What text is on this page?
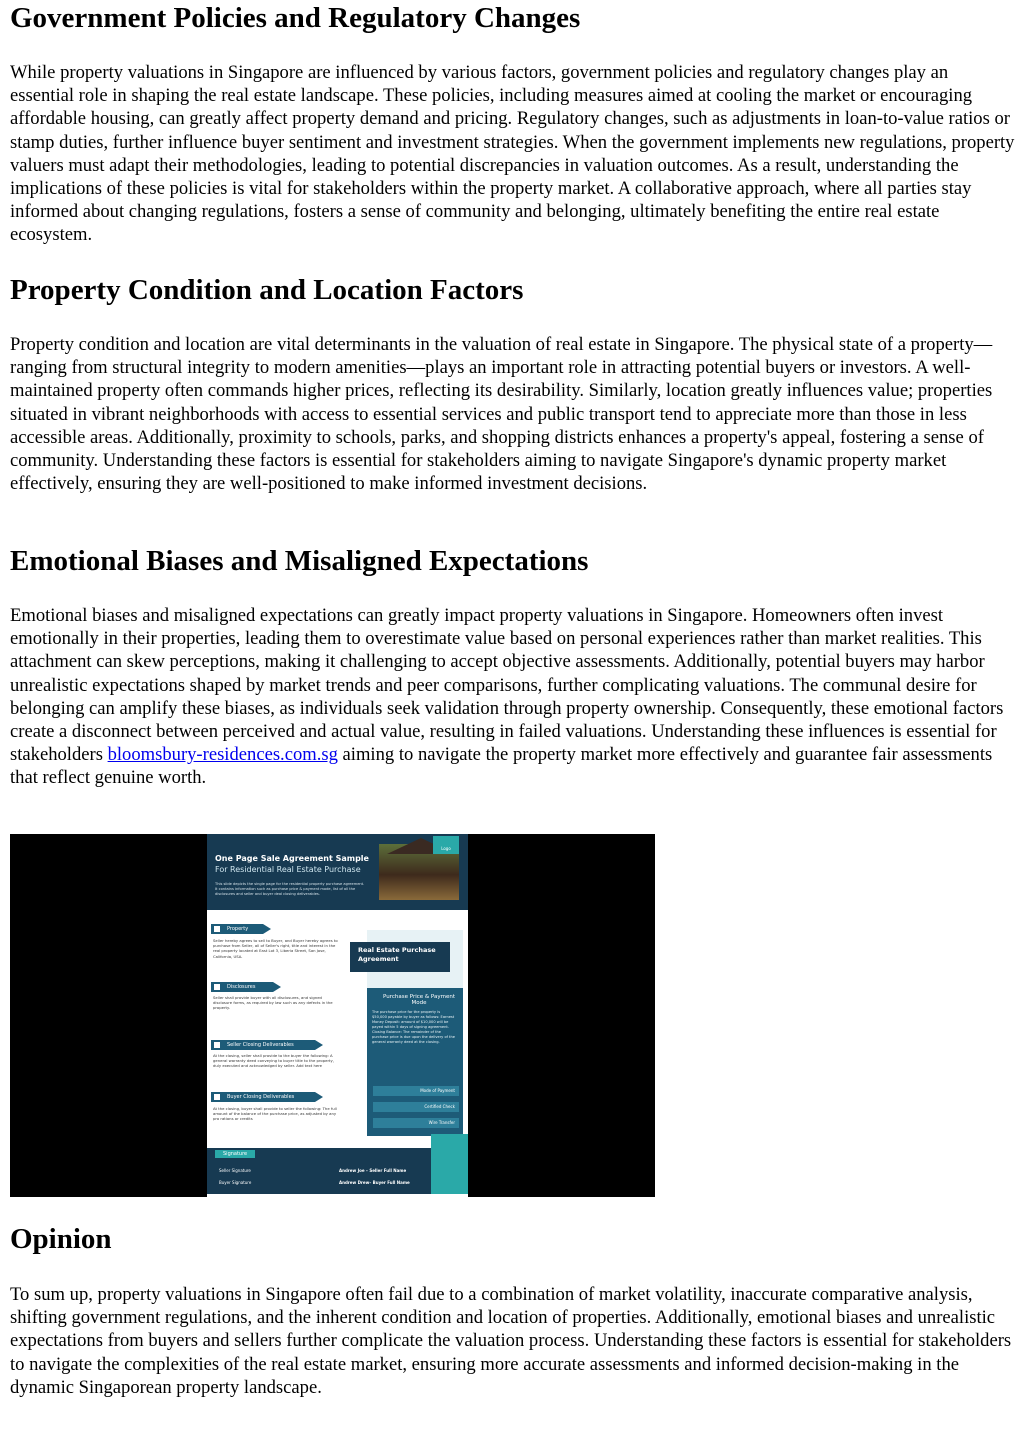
Government Policies and Regulatory Changes

While property valuations in Singapore are influenced by various factors, government policies and regulatory changes play an essential role in shaping the real estate landscape. These policies, including measures aimed at cooling the market or encouraging affordable housing, can greatly affect property demand and pricing. Regulatory changes, such as adjustments in loan-to-value ratios or stamp duties, further influence buyer sentiment and investment strategies. When the government implements new regulations, property valuers must adapt their methodologies, leading to potential discrepancies in valuation outcomes. As a result, understanding the implications of these policies is vital for stakeholders within the property market. A collaborative approach, where all parties stay informed about changing regulations, fosters a sense of community and belonging, ultimately benefiting the entire real estate ecosystem.

Property Condition and Location Factors

Property condition and location are vital determinants in the valuation of real estate in Singapore. The physical state of a property—ranging from structural integrity to modern amenities—plays an important role in attracting potential buyers or investors. A well-maintained property often commands higher prices, reflecting its desirability. Similarly, location greatly influences value; properties situated in vibrant neighborhoods with access to essential services and public transport tend to appreciate more than those in less accessible areas. Additionally, proximity to schools, parks, and shopping districts enhances a property's appeal, fostering a sense of community. Understanding these factors is essential for stakeholders aiming to navigate Singapore's dynamic property market effectively, ensuring they are well-positioned to make informed investment decisions.

Emotional Biases and Misaligned Expectations

Emotional biases and misaligned expectations can greatly impact property valuations in Singapore. Homeowners often invest emotionally in their properties, leading them to overestimate value based on personal experiences rather than market realities. This attachment can skew perceptions, making it challenging to accept objective assessments. Additionally, potential buyers may harbor unrealistic expectations shaped by market trends and peer comparisons, further complicating valuations. The communal desire for belonging can amplify these biases, as individuals seek validation through property ownership. Consequently, these emotional factors create a disconnect between perceived and actual value, resulting in failed valuations. Understanding these influences is essential for stakeholders bloomsbury-residences.com.sg aiming to navigate the property market more effectively and guarantee fair assessments that reflect genuine worth.

Opinion

To sum up, property valuations in Singapore often fail due to a combination of market volatility, inaccurate comparative analysis, shifting government regulations, and the inherent condition and location of properties. Additionally, emotional biases and unrealistic expectations from buyers and sellers further complicate the valuation process. Understanding these factors is essential for stakeholders to navigate the complexities of the real estate market, ensuring more accurate assessments and informed decision-making in the dynamic Singaporean property landscape.

One Page Sale Agreement Sample
For Residential Real Estate Purchase
This slide depicts the single page for the residential property purchase agreement. It contains information such as purchase price & payment mode, list of all the disclosures and seller and buyer deal closing deliverables.
Logo
Property
Seller hereby agrees to sell to Buyer, and Buyer hereby agrees to purchase from Seller, all of Seller's right, title and interest in the real property located at East Lot 3, Liberia Street, San Jose, California, USA.
Disclosures
Seller shall provide buyer with all disclosures, and signed disclosure forms, as required by law such as any defects in the property.
Seller Closing Deliverables
At the closing, seller shall provide to the buyer the following: A general warranty deed conveying to buyer title to the property, duly executed and acknowledged by seller. Add text here
Buyer Closing Deliverables
At the closing, buyer shall provide to seller the following: The full amount of the balance of the purchase price, as adjusted by any pro rations or credits
Real Estate Purchase Agreement
Purchase Price & Payment Mode
The purchase price for the property is $50,000 payable by buyer as follows: Earnest Money Deposit: amount of $10,000 will be payed within 5 days of signing agreement. Closing Balance: The remainder of the purchase price is due upon the delivery of the general warranty deed at the closing.
Mode of Payment
Certified Check
Wire Transfer
Signature
Seller Signature	Andrew Joe – Seller Full Name
Buyer Signature	Andrew Drew– Buyer Full Name
